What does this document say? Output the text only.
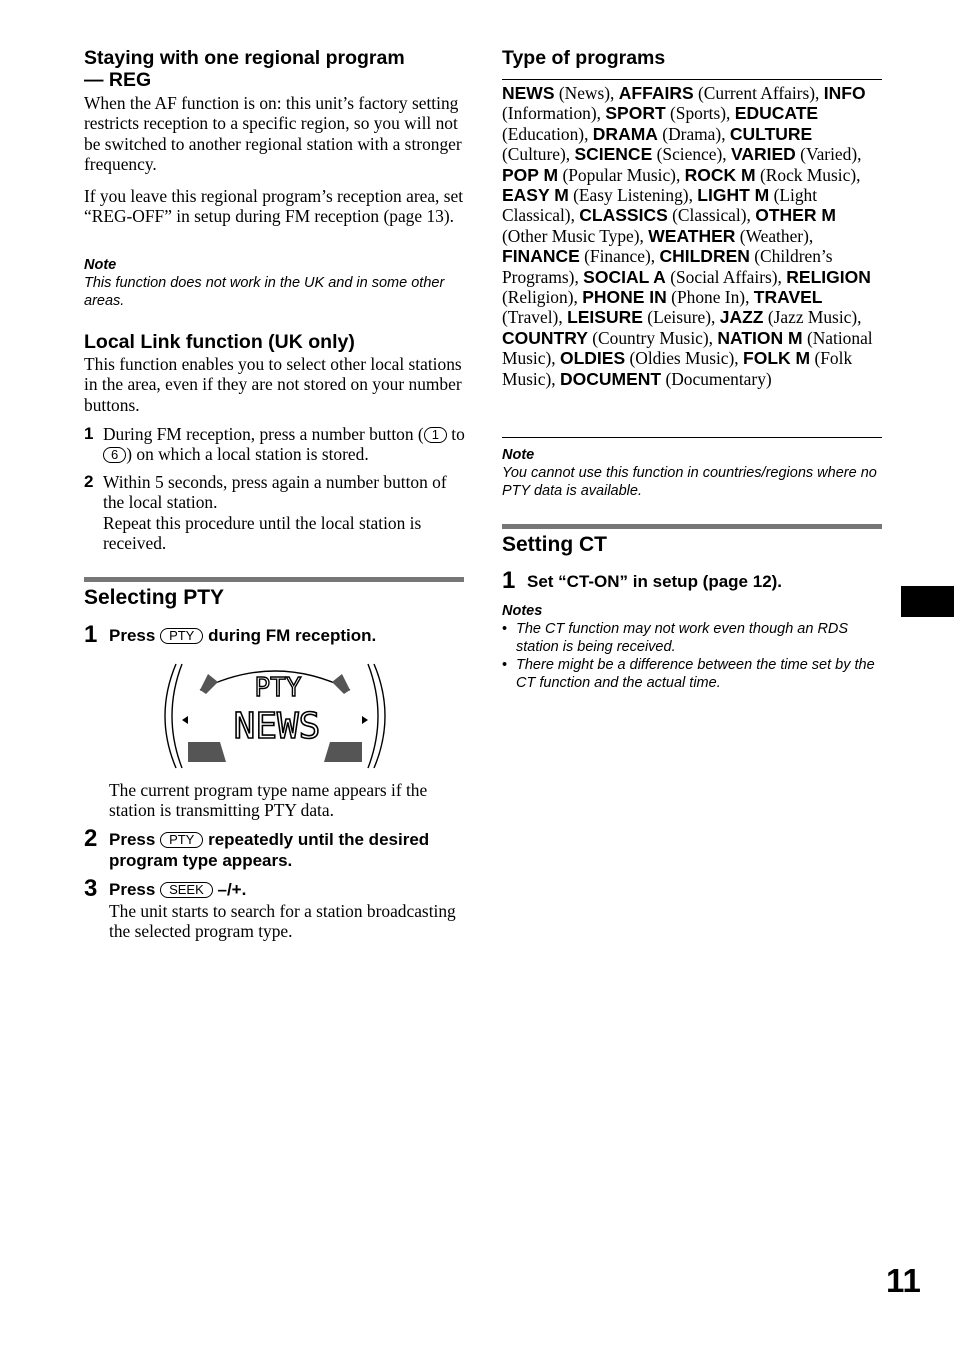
Staying with one regional program
— REG

When the AF function is on: this unit’s factory setting restricts reception to a specific region, so you will not be switched to another regional station with a stronger frequency.

If you leave this regional program’s reception area, set “REG-OFF” in setup during FM reception (page 13).

Note
This function does not work in the UK and in some other areas.
Local Link function (UK only)

This function enables you to select other local stations in the area, even if they are not stored on your number buttons.

1 During FM reception, press a number button ( 1 to 6 ) on which a local station is stored.
2 Within 5 seconds, press again a number button of the local station.
Repeat this procedure until the local station is received.
Selecting PTY
1 Press PTY during FM reception.
PTY
NEWS

The current program type name appears if the station is transmitting PTY data.

2 Press PTY repeatedly until the desired program type appears.
3 Press SEEK –/+.

The unit starts to search for a station broadcasting the selected program type.

Type of programs

NEWS (News), AFFAIRS (Current Affairs), INFO (Information), SPORT (Sports), EDUCATE (Education), DRAMA (Drama), CULTURE (Culture), SCIENCE (Science), VARIED (Varied), POP M (Popular Music), ROCK M (Rock Music), EASY M (Easy Listening), LIGHT M (Light Classical), CLASSICS (Classical), OTHER M (Other Music Type), WEATHER (Weather), FINANCE (Finance), CHILDREN (Children’s Programs), SOCIAL A (Social Affairs), RELIGION (Religion), PHONE IN (Phone In), TRAVEL (Travel), LEISURE (Leisure), JAZZ (Jazz Music), COUNTRY (Country Music), NATION M (National Music), OLDIES (Oldies Music), FOLK M (Folk Music), DOCUMENT (Documentary)

Note
You cannot use this function in countries/regions where no PTY data is available.
Setting CT
1 Set “CT-ON” in setup (page 12).
Notes
• The CT function may not work even though an RDS station is being received.
• There might be a difference between the time set by the CT function and the actual time.
11
